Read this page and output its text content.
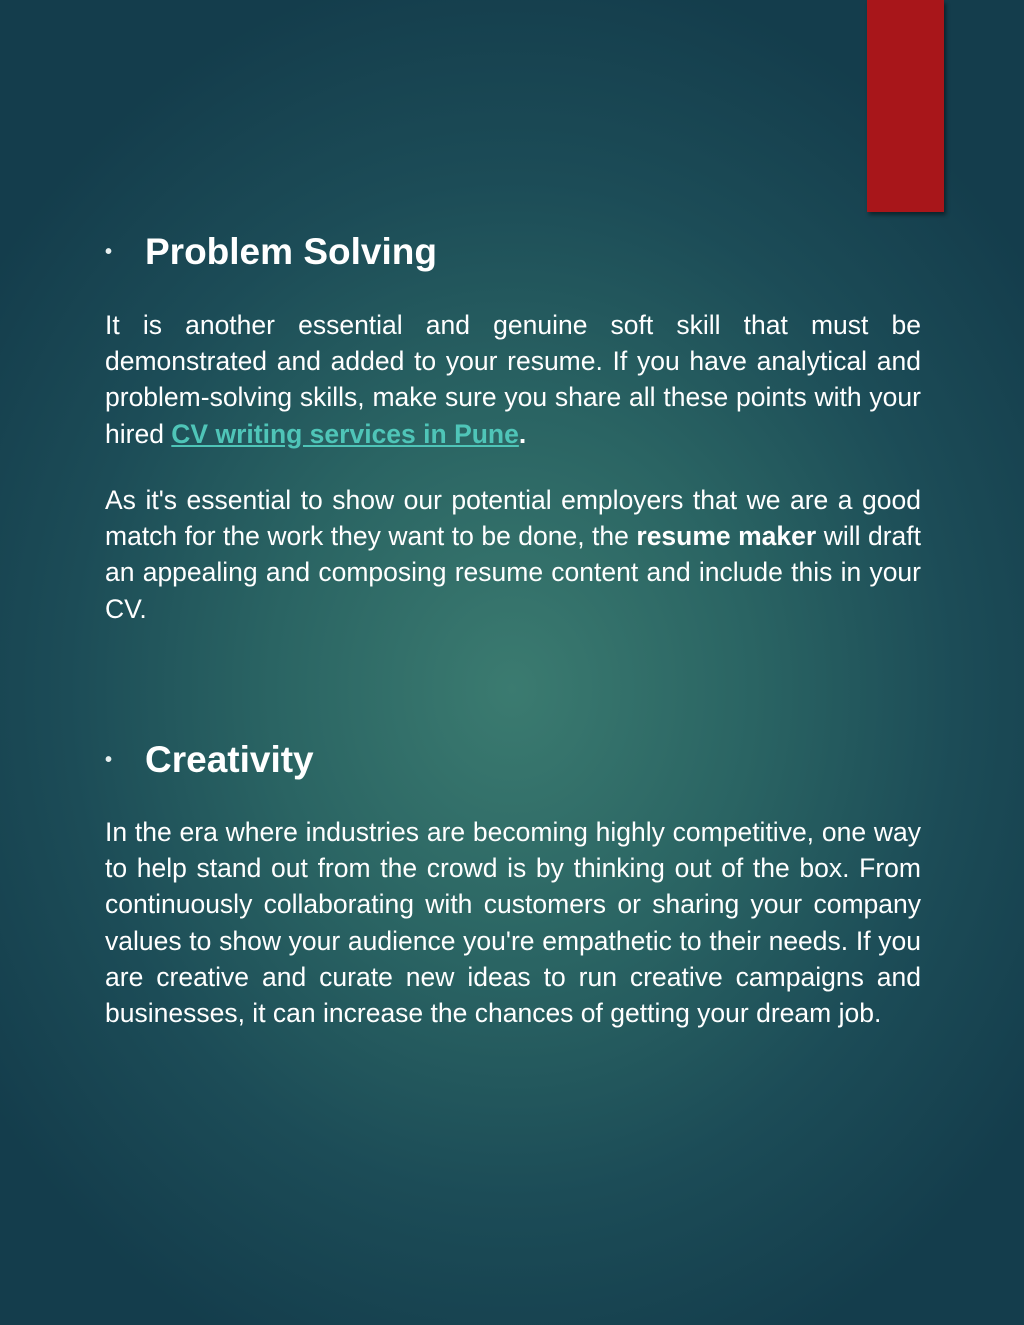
• Problem Solving

It is another essential and genuine soft skill that must be demonstrated and added to your resume. If you have analytical and problem-solving skills, make sure you share all these points with your hired CV writing services in Pune.

As it's essential to show our potential employers that we are a good match for the work they want to be done, the resume maker will draft an appealing and composing resume content and include this in your CV.

• Creativity

In the era where industries are becoming highly competitive, one way to help stand out from the crowd is by thinking out of the box. From continuously collaborating with customers or sharing your company values to show your audience you're empathetic to their needs. If you are creative and curate new ideas to run creative campaigns and businesses, it can increase the chances of getting your dream job.
